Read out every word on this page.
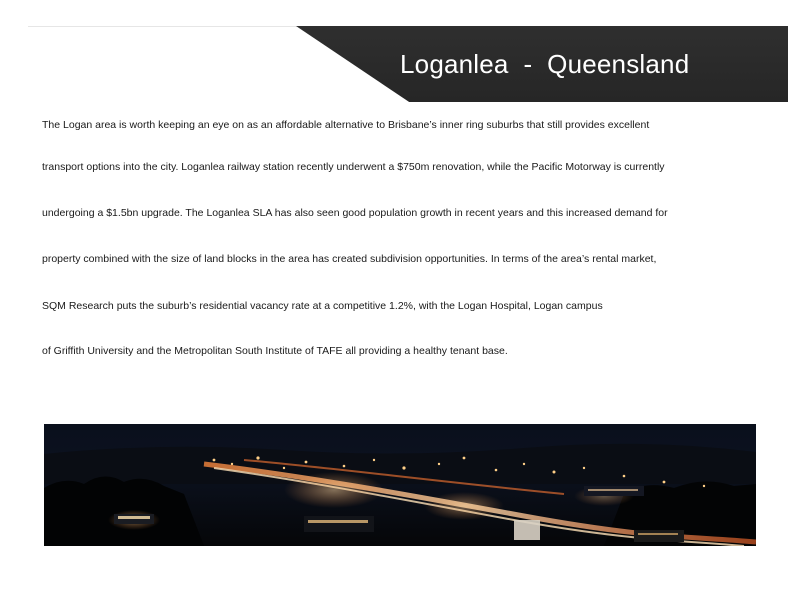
Loganlea  -  Queensland
The Logan area is worth keeping an eye on as an affordable alternative to Brisbane’s inner ring suburbs that still provides excellent
transport options into the city. Loganlea railway station recently underwent a $750m renovation, while the Pacific Motorway is currently
undergoing a $1.5bn upgrade. The Loganlea SLA has also seen good population growth in recent years and this increased demand for
property combined with the size of land blocks in the area has created subdivision opportunities. In terms of the area’s rental market,
SQM Research puts the suburb’s residential vacancy rate at a competitive 1.2%, with the Logan Hospital, Logan campus
of Griffith University and the Metropolitan South Institute of TAFE all providing a healthy tenant base.
